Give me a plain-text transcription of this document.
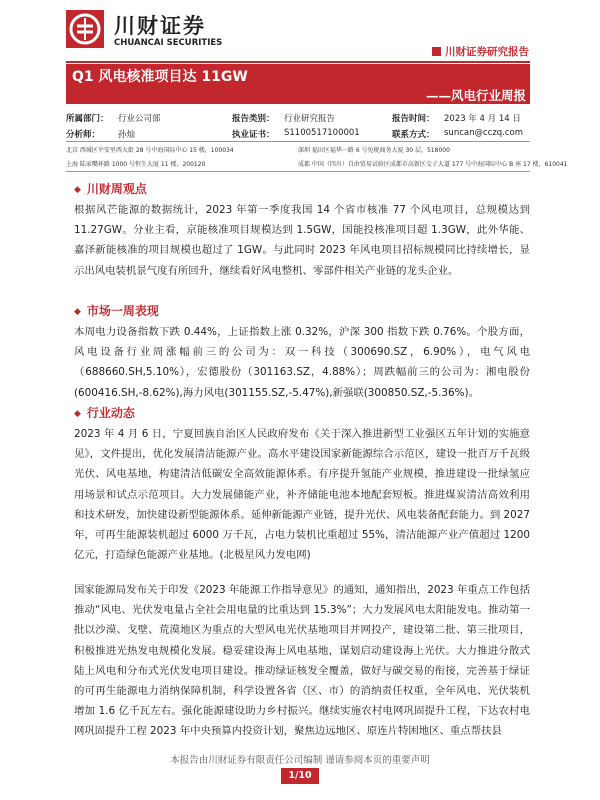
川财证券
CHUANCAI SECURITIES
川财证券研究报告
Q1 风电核准项目达 11GW
——风电行业周报
所属部门： 行业公司部	报告类别： 行业研究报告	报告时间： 2023 年 4 月 14 日
分析师： 孙灿	执业证书： S1100517100001	联系方式： suncan@cczq.com
北京 西城区平安里西大街 28 号中海国际中心 15 楼，100034	深圳 福田区福华一路 6 号免税商务大厦 30 层，518000
上海 陆家嘴环路 1000 号恒生大厦 11 楼，200120	成都 中国（四川）自由贸易试验区成都市高新区交子大道 177 号中海国际中心 B 座 17 楼，610041
◆ 川财周观点

根据风芒能源的数据统计，2023 年第一季度我国 14 个省市核准 77 个风电项目，总规模达到 11.27GW。分业主看，京能核准项目规模达到 1.5GW，国能投核准项目超 1.3GW，此外华能、嘉泽新能核准的项目规模也超过了 1GW。与此同时 2023 年风电项目招标规模同比持续增长，显示出风电装机景气度有所回升，继续看好风电整机、零部件相关产业链的龙头企业。

◆ 市场一周表现

本周电力设备指数下跌 0.44%，上证指数上涨 0.32%，沪深 300 指数下跌 0.76%。个股方面，风电设备行业周涨幅前三的公司为：双一科技（300690.SZ，6.90%），电气风电（688660.SH,5.10%），宏德股份（301163.SZ，4.88%）；周跌幅前三的公司为：湘电股份(600416.SH,-8.62%),海力风电(301155.SZ,-5.47%),新强联(300850.SZ,-5.36%)。

◆ 行业动态

2023 年 4 月 6 日，宁夏回族自治区人民政府发布《关于深入推进新型工业强区五年计划的实施意见》，文件提出，优化发展清洁能源产业。高水平建设国家新能源综合示范区，建设一批百万千瓦级光伏、风电基地，构建清洁低碳安全高效能源体系。有序提升氢能产业规模，推进建设一批绿氢应用场景和试点示范项目。大力发展储能产业，补齐储能电池本地配套短板。推进煤炭清洁高效利用和技术研发，加快建设新型能源体系。延伸新能源产业链，提升光伏、风电装备配套能力。到 2027 年，可再生能源装机超过 6000 万千瓦，占电力装机比重超过 55%，清洁能源产业产值超过 1200 亿元，打造绿色能源产业基地。(北极星风力发电网)

国家能源局发布关于印发《2023 年能源工作指导意见》的通知，通知指出，2023 年重点工作包括推动“风电、光伏发电量占全社会用电量的比重达到 15.3%”；大力发展风电太阳能发电。推动第一批以沙漠、戈壁、荒漠地区为重点的大型风电光伏基地项目并网投产，建设第二批、第三批项目，积极推进光热发电规模化发展。稳妥建设海上风电基地，谋划启动建设海上光伏。大力推进分散式陆上风电和分布式光伏发电项目建设。推动绿证核发全覆盖，做好与碳交易的衔接，完善基于绿证的可再生能源电力消纳保障机制，科学设置各省（区、市）的消纳责任权重，全年风电、光伏装机增加 1.6 亿千瓦左右。强化能源建设助力乡村振兴。继续实施农村电网巩固提升工程，下达农村电网巩固提升工程 2023 年中央预算内投资计划，聚焦边远地区、原连片特困地区、重点帮扶县

本报告由川财证券有限责任公司编制 谨请参阅本页的重要声明
1/10
